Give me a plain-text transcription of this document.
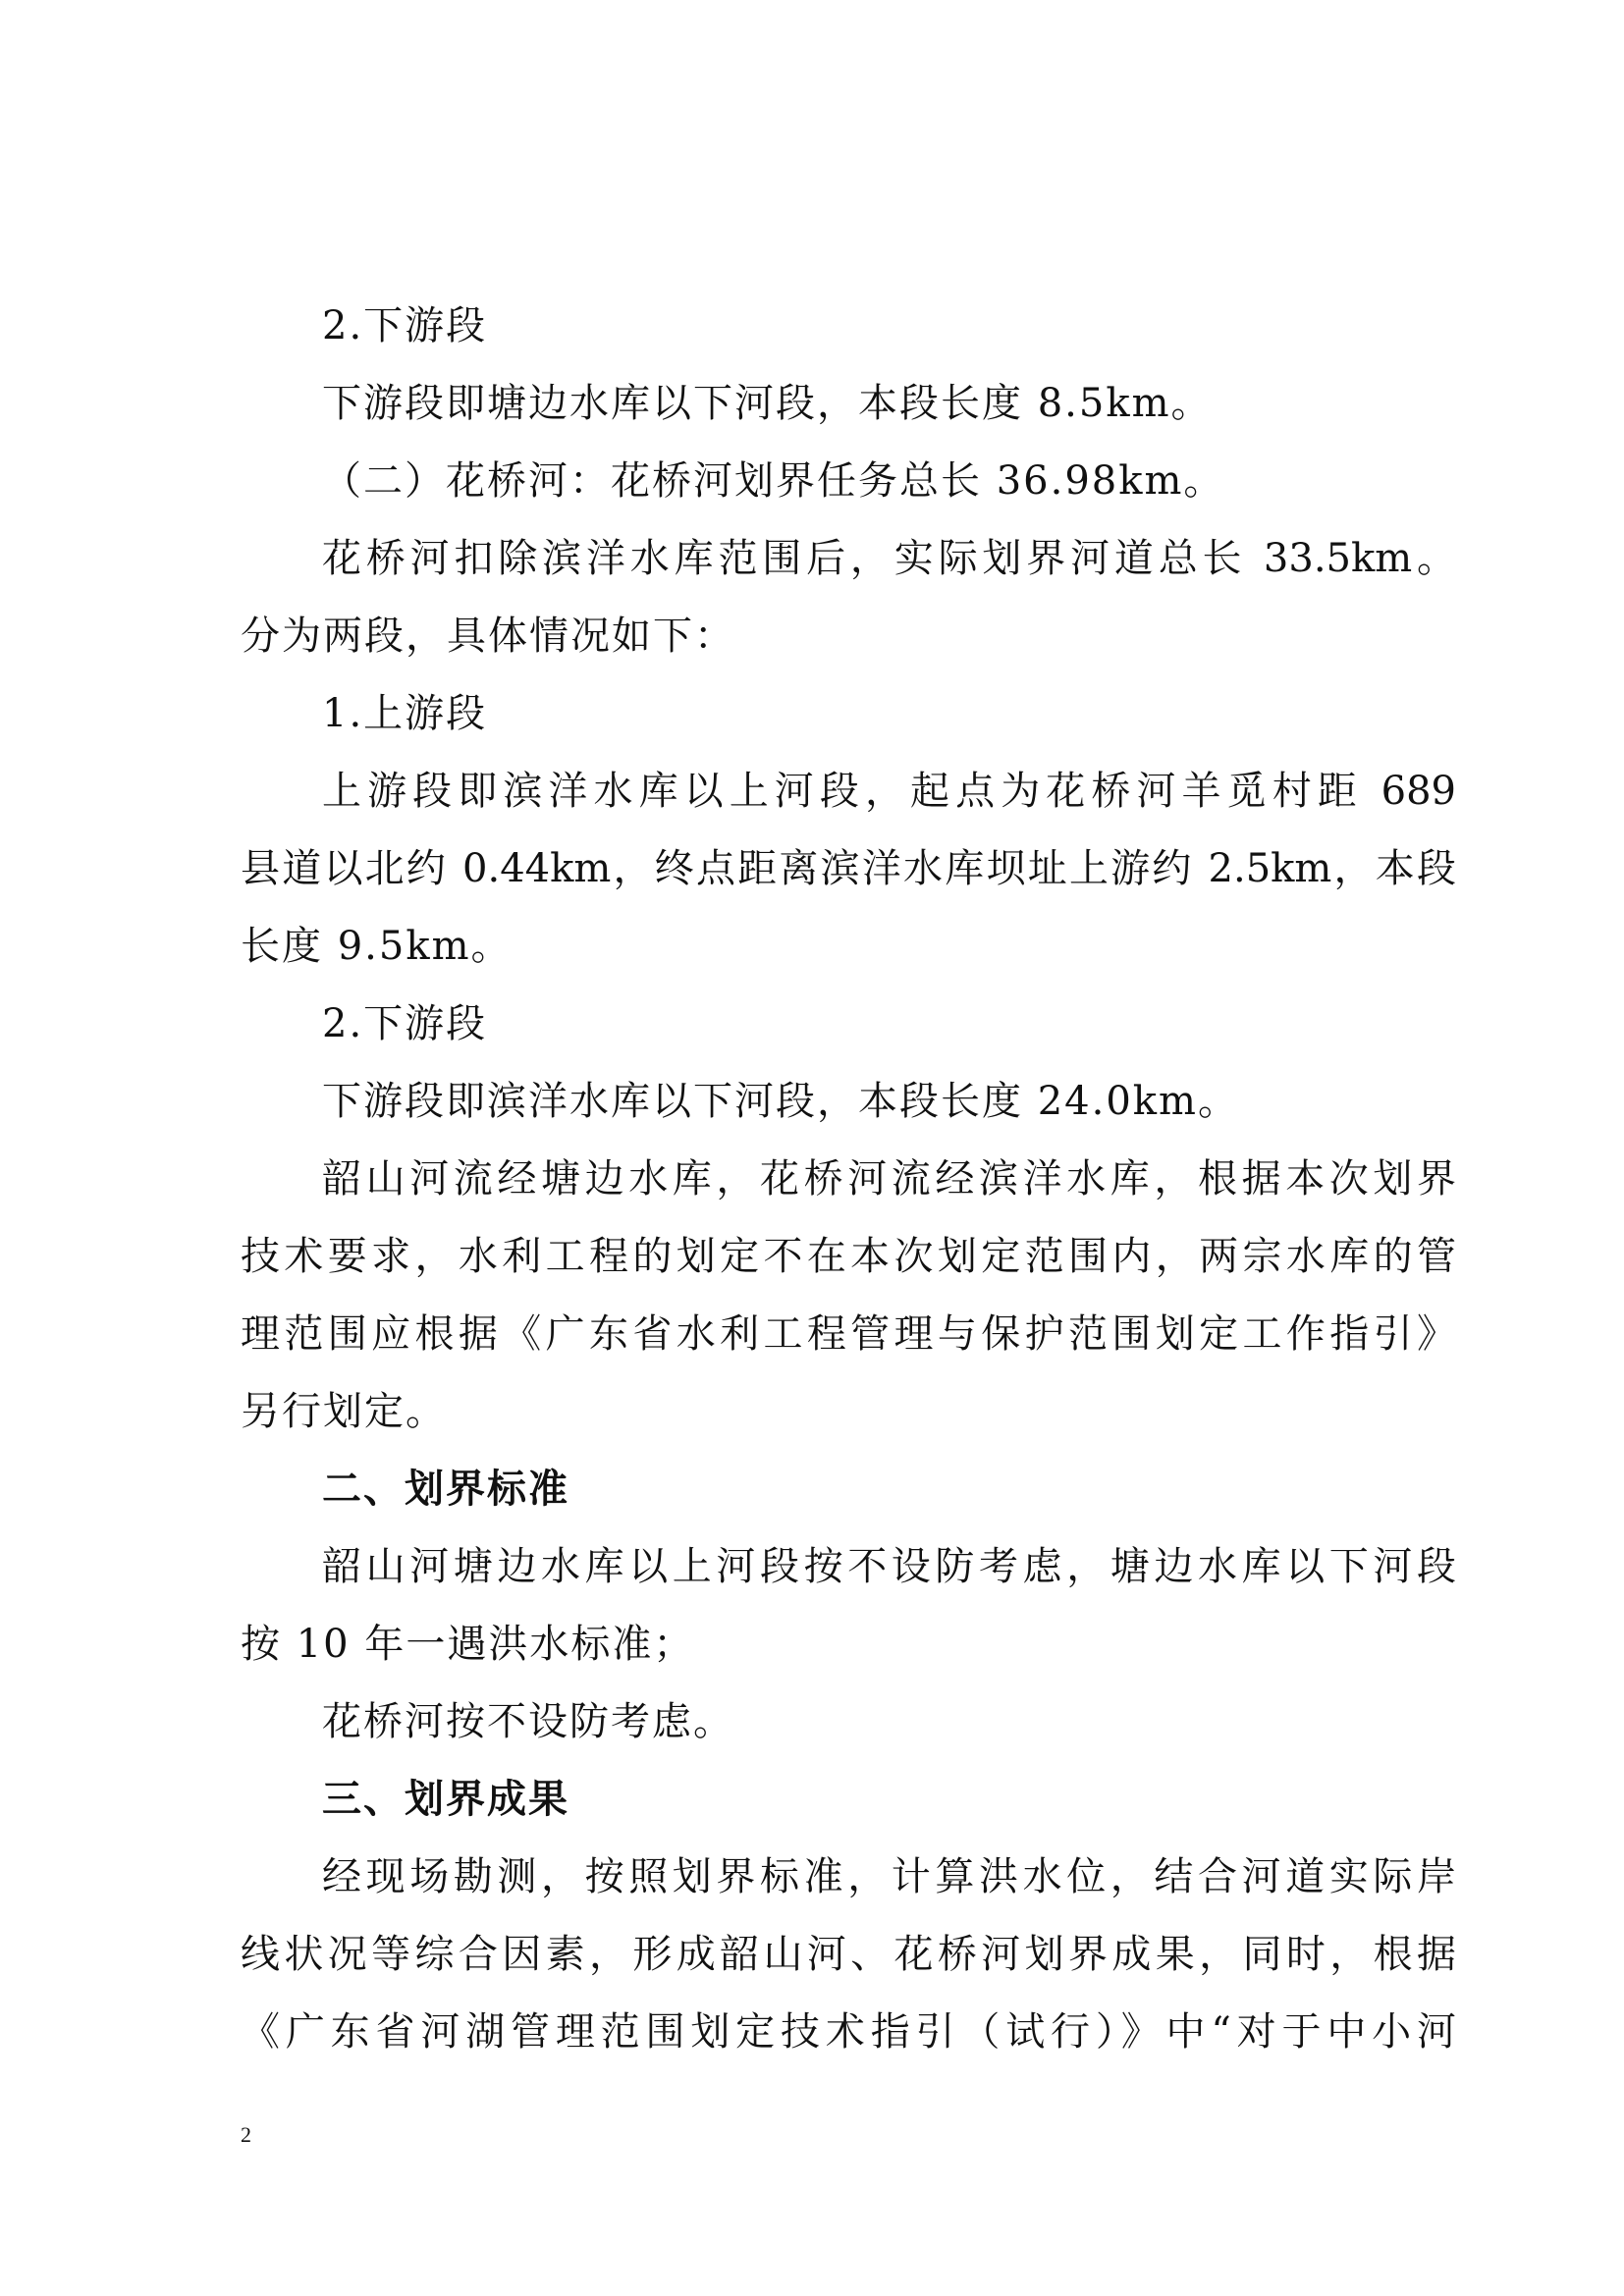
2.下游段
下游段即塘边水库以下河段，本段长度 8.5km。
（二）花桥河：花桥河划界任务总长 36.98km。
花桥河扣除滨洋水库范围后，实际划界河道总长 33.5km。
分为两段，具体情况如下：
1.上游段
上游段即滨洋水库以上河段，起点为花桥河羊觅村距 689
县道以北约 0.44km，终点距离滨洋水库坝址上游约 2.5km，本段
长度 9.5km。
2.下游段
下游段即滨洋水库以下河段，本段长度 24.0km。
韶山河流经塘边水库，花桥河流经滨洋水库，根据本次划界
技术要求，水利工程的划定不在本次划定范围内，两宗水库的管
理范围应根据《广东省水利工程管理与保护范围划定工作指引》
另行划定。
二、划界标准
韶山河塘边水库以上河段按不设防考虑，塘边水库以下河段
按 10 年一遇洪水标准；
花桥河按不设防考虑。
三、划界成果
经现场勘测，按照划界标准，计算洪水位，结合河道实际岸
线状况等综合因素，形成韶山河、花桥河划界成果，同时，根据
《广东省河湖管理范围划定技术指引（试行）》中“对于中小河
2
